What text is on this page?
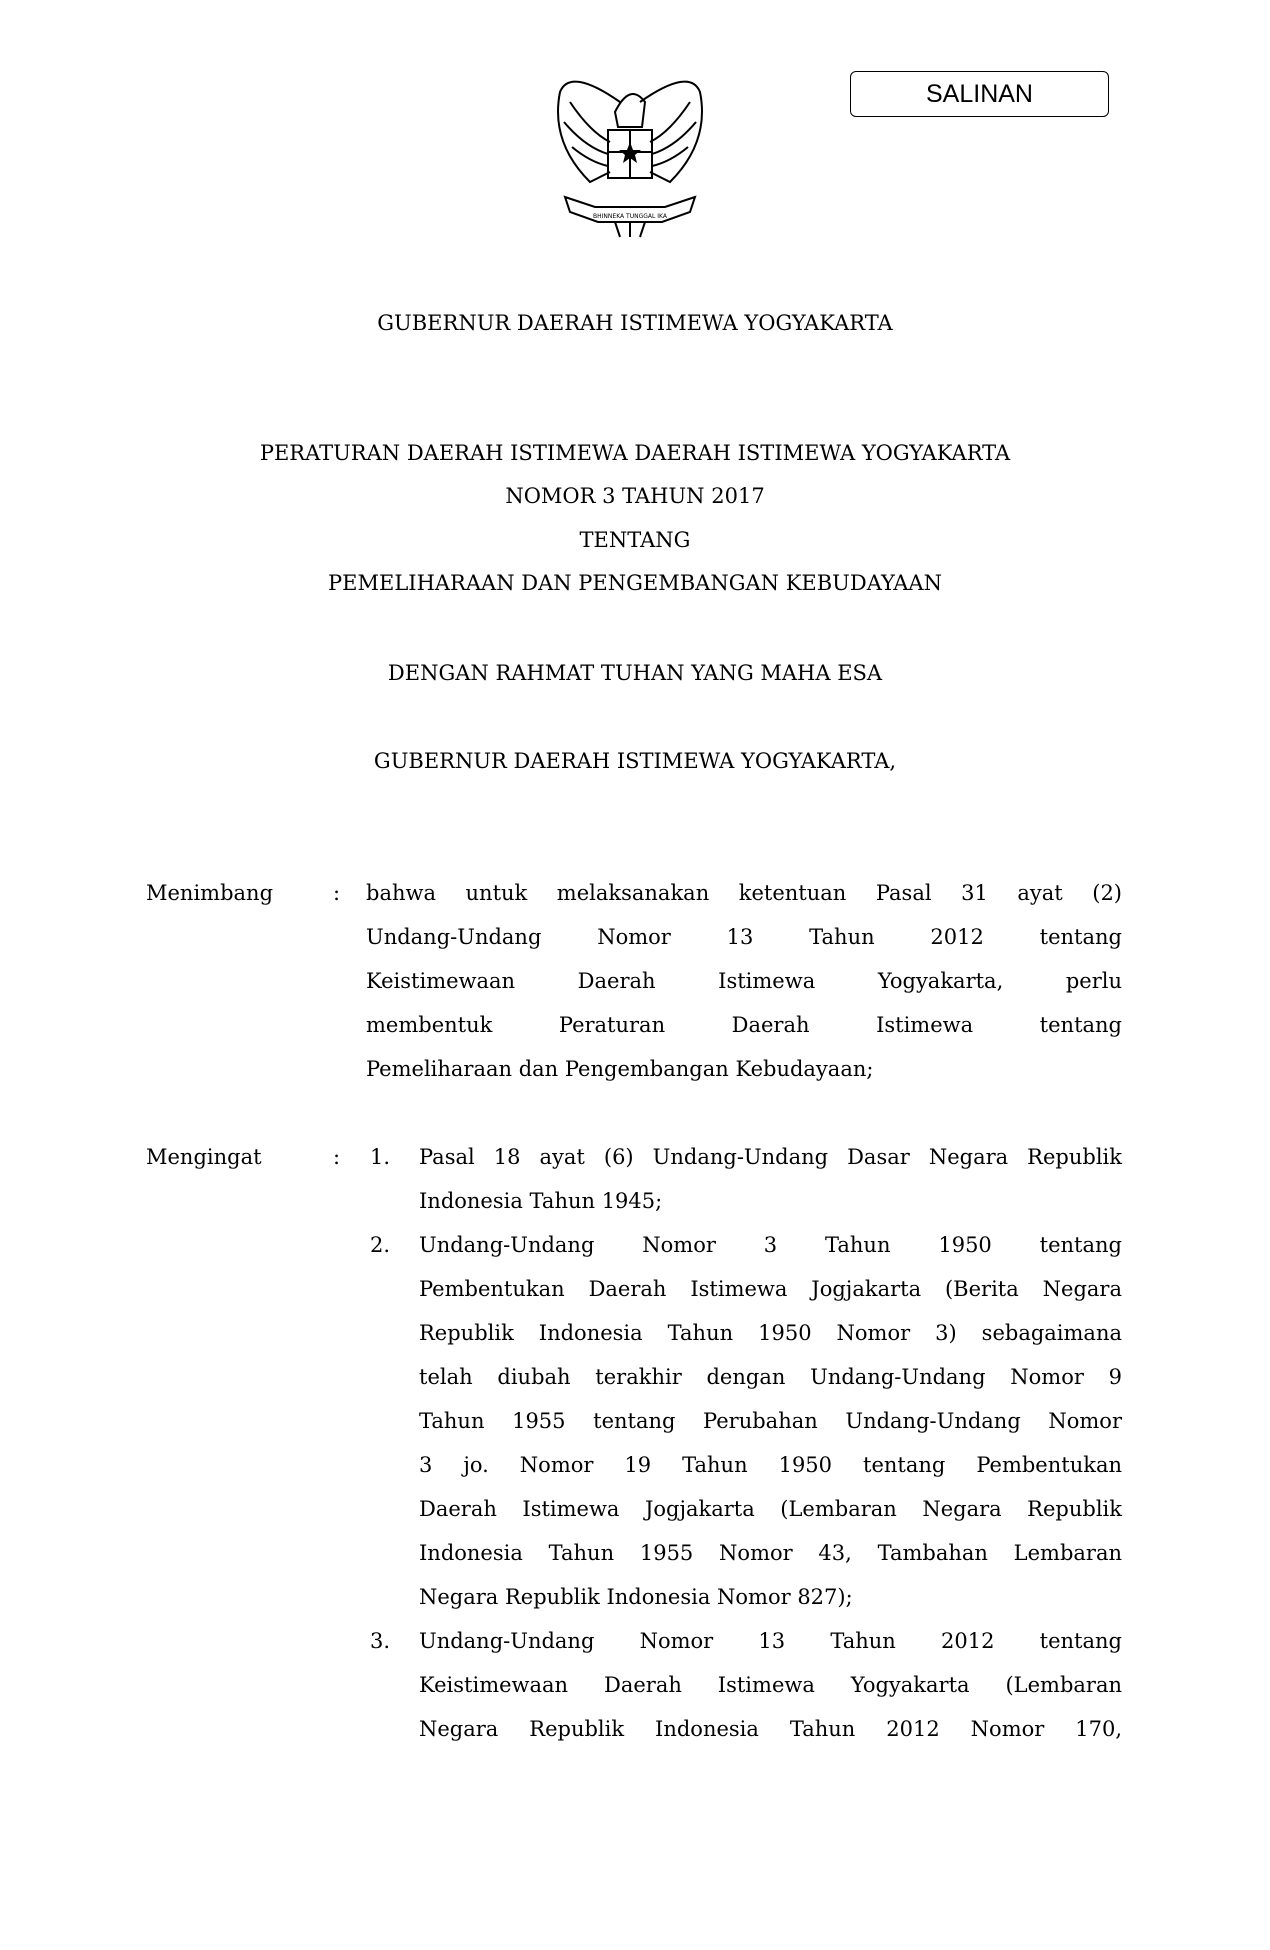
BHINNEKA TUNGGAL IKA
SALINAN
GUBERNUR DAERAH ISTIMEWA YOGYAKARTA
PERATURAN DAERAH ISTIMEWA DAERAH ISTIMEWA YOGYAKARTA
NOMOR 3 TAHUN 2017
TENTANG
PEMELIHARAAN DAN PENGEMBANGAN KEBUDAYAAN
DENGAN RAHMAT TUHAN YANG MAHA ESA
GUBERNUR DAERAH ISTIMEWA YOGYAKARTA,
Menimbang	: bahwa untuk melaksanakan ketentuan Pasal 31 ayat (2)
Undang-Undang Nomor 13 Tahun 2012 tentang
Keistimewaan Daerah Istimewa Yogyakarta, perlu
membentuk Peraturan Daerah Istimewa tentang
Pemeliharaan dan Pengembangan Kebudayaan;
Mengingat	: 1. Pasal 18 ayat (6) Undang-Undang Dasar Negara Republik
Indonesia Tahun 1945;
2. Undang-Undang Nomor 3 Tahun 1950 tentang
Pembentukan Daerah Istimewa Jogjakarta (Berita Negara
Republik Indonesia Tahun 1950 Nomor 3) sebagaimana
telah diubah terakhir dengan Undang-Undang Nomor 9
Tahun 1955 tentang Perubahan Undang-Undang Nomor
3 jo. Nomor 19 Tahun 1950 tentang Pembentukan
Daerah Istimewa Jogjakarta (Lembaran Negara Republik
Indonesia Tahun 1955 Nomor 43, Tambahan Lembaran
Negara Republik Indonesia Nomor 827);
3. Undang-Undang Nomor 13 Tahun 2012 tentang
Keistimewaan Daerah Istimewa Yogyakarta (Lembaran
Negara Republik Indonesia Tahun 2012 Nomor 170,
